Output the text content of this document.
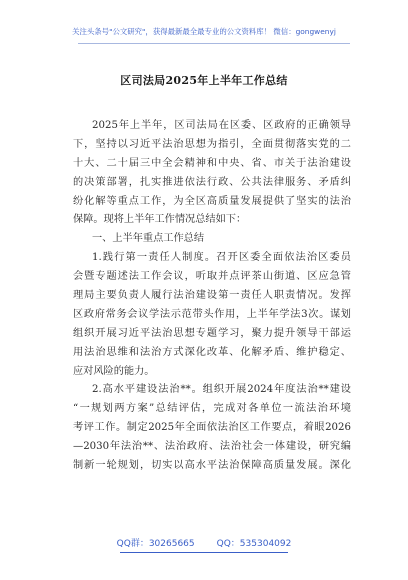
关注头条号"公文研究"，获得最新最全最专业的公文资料库！ 微信：gongwenyj
区司法局2025年上半年工作总结
2025年上半年，区司法局在区委、区政府的正确领导
下，坚持以习近平法治思想为指引，全面贯彻落实党的二
十大、二十届三中全会精神和中央、省、市关于法治建设
的决策部署，扎实推进依法行政、公共法律服务、矛盾纠
纷化解等重点工作，为全区高质量发展提供了坚实的法治
保障。现将上半年工作情况总结如下：
一、上半年重点工作总结
1.践行第一责任人制度。召开区委全面依法治区委员
会暨专题述法工作会议，听取并点评茶山街道、区应急管
理局主要负责人履行法治建设第一责任人职责情况。发挥
区政府常务会议学法示范带头作用，上半年学法3次。谋划
组织开展习近平法治思想专题学习，聚力提升领导干部运
用法治思维和法治方式深化改革、化解矛盾、维护稳定、
应对风险的能力。
2.高水平建设法治**。组织开展2024年度法治**建设
“一规划两方案”总结评估，完成对各单位一流法治环境
考评工作。制定2025年全面依法治区工作要点，着眼2026
—2030年法治**、法治政府、法治社会一体建设，研究编
制新一轮规划，切实以高水平法治保障高质量发展。深化
QQ群：30265665 QQ：535304092
